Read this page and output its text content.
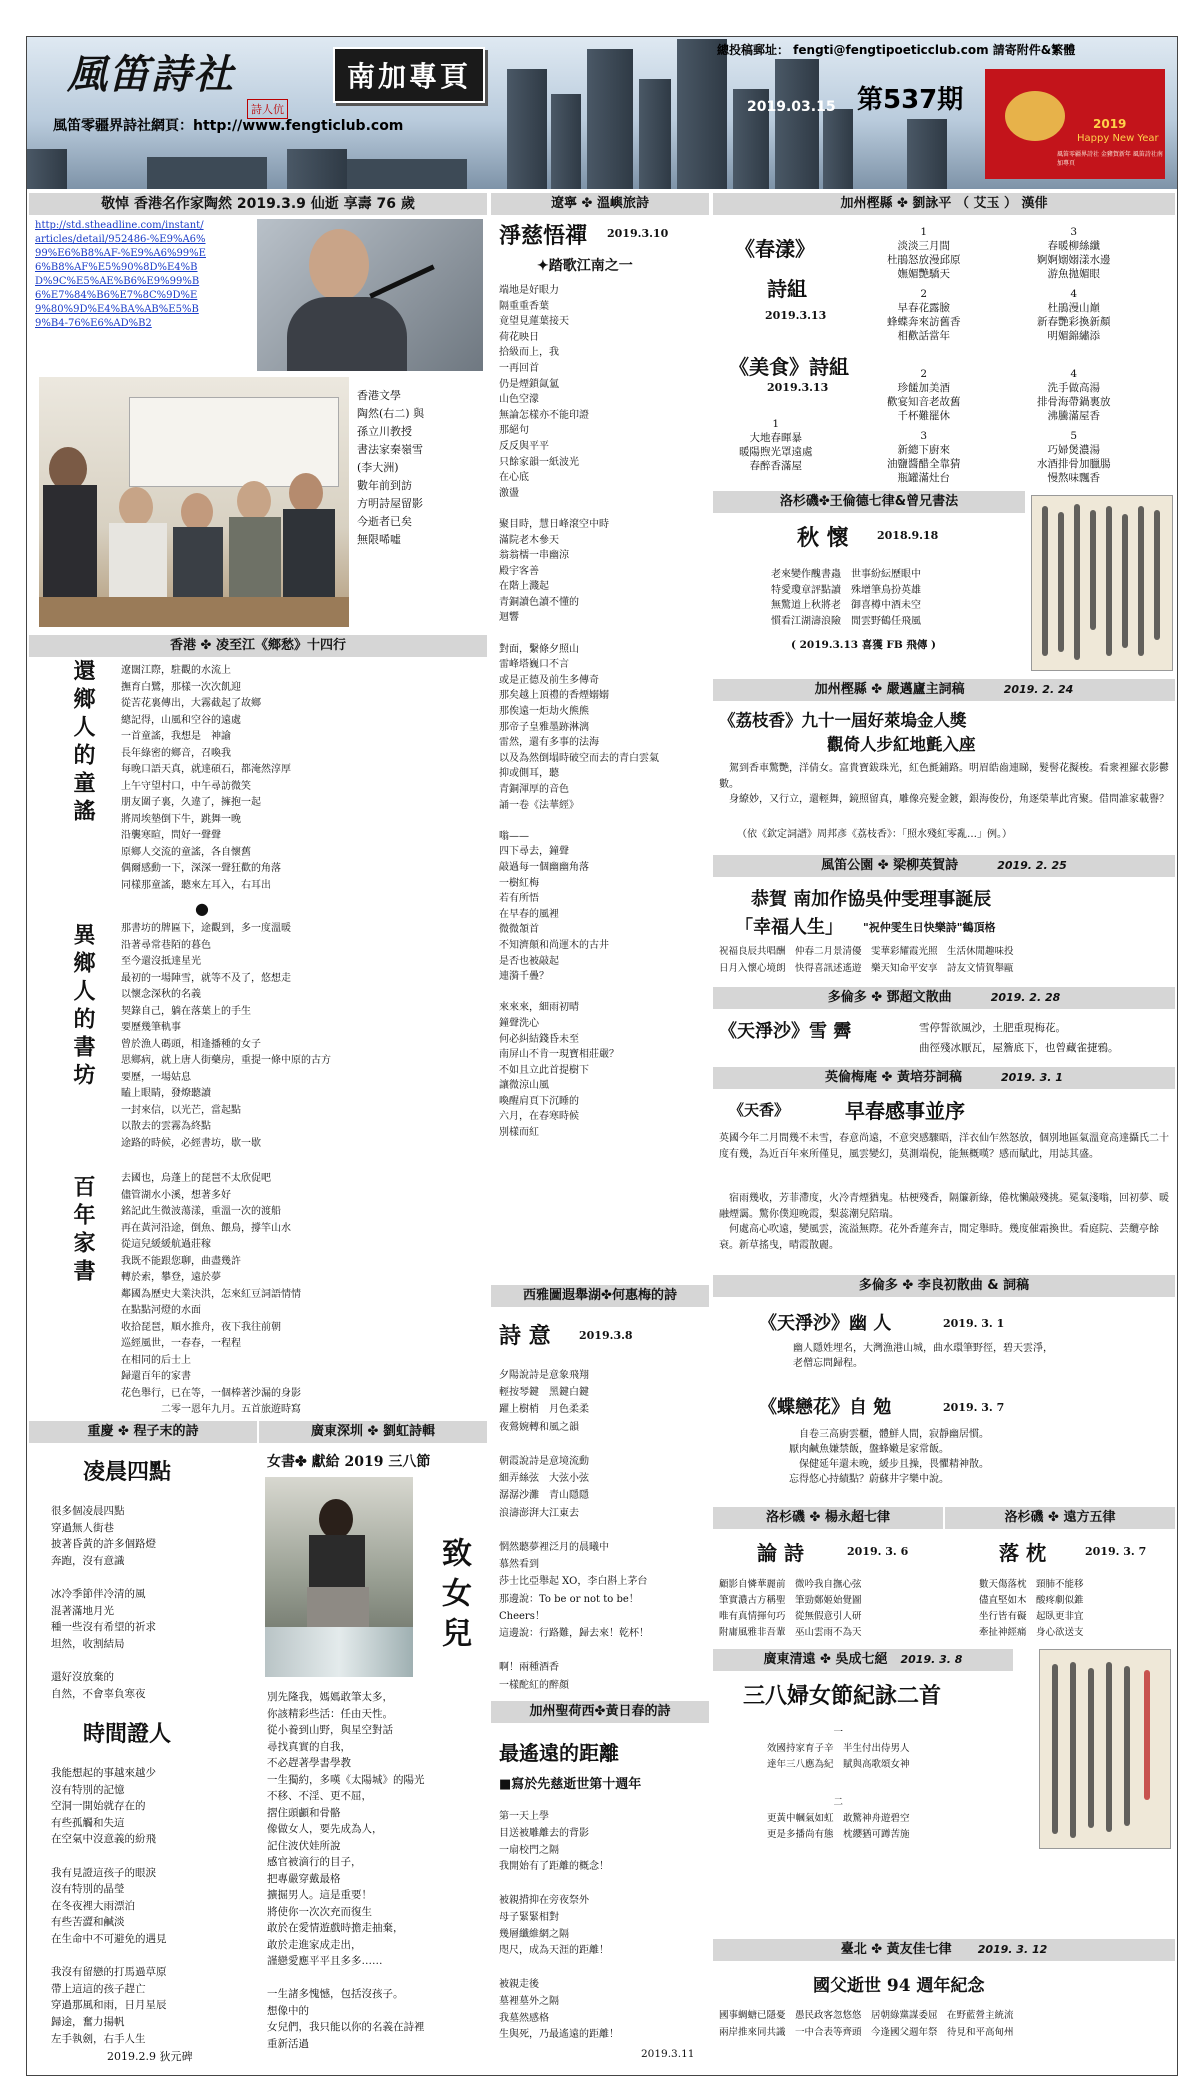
風笛詩社
詩人伉
南加專頁
風笛零疆界詩社網頁：http://www.fengticlub.com
總投稿郵址： fengti@fengtipoeticclub.com 請寄附件&繁體
2019.03.15 第537期
2019
Happy New Year
風笛零疆界詩社 金豬賀新年 風笛詩社南加專頁
敬悼 香港名作家陶然 2019.3.9 仙逝 享壽 76 歲
http://std.stheadline.com/instant/articles/detail/952486-%E9%A6%99%E6%B8%AF-%E9%A6%99%E6%B8%AF%E5%90%8D%E4%BD%9C%E5%AE%B6%E9%99%B6%E7%84%B6%E7%8C%9D%E9%80%9D%E4%BA%AB%E5%B9%B4-76%E6%AD%B2
香港文學
陶然(右二) 與
孫立川教授
書法家秦嶺雪
(李大洲)
數年前到訪
方明詩屋留影
今逝者已矣
無限唏噓
香港 ✤ 凌至江《鄉愁》十四行
還鄉人的童謠	遼闊江際，駐觀的水流上
撫育白鷺，那樣一次次飢迎
從苦花裏傳出，大霧截起了故鄉
總記得，山風和空谷的遠處
一首童謠，我想是　神諭
長年綠密的鄉音，召喚我
每晚口語天真，就達碩石，都淹然淳厚
上午守望村口，中午尋訪微笑
朋友圍子裏，久違了，擁抱一起
將周埃墊倒下牛，跳舞一晚
沿襲寒暄，問好一聲聲
原鄉人交流的童謠，各自懷舊
偶爾感動一下，深深一聲狂歡的角落
同樣那童謠，聽來左耳入，右耳出
●
異鄉人的書坊	那書坊的牌匾下，途觀到，多一度溫暖
沿著尋常巷陌的暮色
至今還沒抵達星光
最初的一場陣雪，就等不及了，悠想走
以懷念深秋的名義
契錄自己，躺在落葉上的手生
要歷幾筆軌事
曾於漁人碼頭，相逢播種的女子
思鄉病，就上唐人街藥房，重提一條中原的古方
要歷，一場姑息
瞌上眼睛，發燎聽讀
一封來信，以光芒，當起點
以散去的雲霧為終點
途路的時候，必經書坊，歇一歇
百年家書	去國也，烏蓬上的琵琶不太欣促吧
儘管湖水小溪，想著多好
銘記此生微波蕩漾，重溫一次的渡船
再在黃河沿途，倒魚、餵鳥，撐竿山水
從這兒緩緩航過莊稼
我既不能跟您聊，曲盡幾許
轉於索，攀登，遠於夢
鄰國為歷史大業決洪，怎來紅豆詞語情情
在點點河燈的水面
收拾琵琶，順水推舟，夜下我往前朝
巡經風世，一春春，一程程
在相同的后士上
歸還百年的家書
花色舉行，已在等，一個棒著沙漏的身影
　　　　二零一恩年九月。五首旅遊時寫
重慶 ✤ 程子末的詩
凌晨四點
很多個凌晨四點
穿過無人街巷
披著昏黃的許多個路燈
奔跑，沒有意識

冰冷季節伴冷清的風
混著滿地月光
種一些沒有希望的祈求
坦然，收割結局

還好沒放棄的
自然，不會辜負寒夜
時間證人
我能想起的事越來越少
沒有特別的記憶
空洞一開始就存在的
有些孤觸和失這
在空氣中沒意義的紛飛

我有見證這孩子的眼淚
沒有特別的晶瑩
在冬夜裡大雨漂泊
有些苦澀和鹹淡
在生命中不可避免的遇見

我沒有留戀的打馬過草原
帶上這這的孩子趕亡
穿過那風和雨，日月星辰
歸途，奮力揚帆
左手執劍，右手人生
2019.2.9 狄元碑
廣東深圳 ✤ 劉虹詩輯
女書✤ 獻給 2019 三八節
致女兒
別先隆我，媽媽敢筆太多，
你該精彩些活：任由天性。
從小養到山野，與星空對話
尋找真實的自我，
不必趕著學書學教
一生獨約，多嘆《太陽城》的陽光
不移、不淫、更不屈，
摺住頭顱和骨骼
像做女人，要先成為人，
記住波伏娃所說
感官被滴行的目子，
把專嚴穿戴最格
擴掘男人。這是重要！
將使你一次次充而復生
敢於在愛情遊戲時擔走抽棄，
敢於走進家成走出，
謹戀愛應平平且多多……

一生諸多愧憾，包括沒孩子。
想像中的
女兒們，我只能以你的名義在詩裡
重新活過
遼寧 ✤ 溫嶼旅詩
淨慈悟禪 2019.3.10
✦踏歌江南之一
端地是好眼力
隔重重香葉
竟望見蓮葉接天
荷花映日
拾級而上，我
一再回首
仍是煙鎖氤氳
山色空濛
無論怎樣亦不能印證
那絕句
反反與平平
只餘家韻一紙波光
在心底
激盪

聚目時，慧日峰滾空中時
滿院老木參天
翁翁檽一串幽涼
殿宇客善
在階上濺起
青銅讀色讀不懂的
迴響

對面，繫條夕照山
雷峰塔巍口不言
或是正德及前生多傳奇
那矣越上頂禮的香煙嫋嫋
那俟遠一炬劫火熊熊
那帝子皇雅墨跡淋漓
雷然，還有多事的法海
以及為然倒塌時破空而去的青白雲氣
抑或側耳，聽
青銅渾厚的音色
誦一卷《法華經》

嗡——
四下尋去，鐘聲
敲過每一個幽幽角落
一樹紅梅
若有所悟
在早春的風裡
微微頷首
不知濟顛和尚運木的古井
是否也被敲起
連漪千疊？

來來來，細雨初晴
鐘聲洗心
何必糾結錢昏未至
南屏山不肯一現寶相莊嚴？
不如且立此首提樹下
讓微涼山風
喚醒肩頁下沉睡的
六月，在春寒時候
別樣而紅
西雅圖遐舉湖✤何惠梅的詩
詩 意	2019.3.8
夕陽說詩是意象飛翔
輕按琴鍵　黑鍵白鍵
躍上樹梢　月色柔柔
夜鶯婉轉和風之韻

朝霞說詩是意境流動
細弄絲弦　大弦小弦
潺潺沙灘　青山隱隱
浪濤澎湃大江東去

惘然聽夢裡泛月的晨曦中
慕然看到
莎士比亞舉起 XO，李白斟上茅台
那邊說：To be or not to be！
Cheers！
這邊說：行路難，歸去來！乾杯！

啊！兩種酒香
一樣酡紅的醉顏
加州聖荷西✤黃日春的詩
最遙遠的距離
■寫於先慈逝世第十週年
第一天上學
目送被雕離去的背影
一扇校門之隔
我開始有了距離的概念！

被親揹抑在旁夜祭外
母子緊緊相對
幾層纖維網之隔
咫尺，成為天涯的距離！

被親走後
墓裡墓外之隔
我墓然感格
生與死，乃最遙遠的距離！
2019.3.11
加州樫縣 ✤ 劉詠平 （ 艾玉 ） 漢俳
《春漾》
詩組
2019.3.13
1
淡淡三月間
杜鵑怒放漫邱原
嫵媚艷驕天
3
春暖柳絲纖
婀婀嫋嫋漾水邊
游魚拋媚眼
2
早春花露臉
蜂蝶奔來訪舊香
相歡話當年
4
杜鵑漫山巔
新春艷彩換新顏
明媚錦繡添
《美食》詩組
2019.3.13
2
珍饈加美酒
歡宴知音老故舊
千杯難罷休
4
洗手做高湯
排骨海帶鍋裏放
沸騰滿屋香
1
大地春暉暴
暖陽煦光罩遠處
春醉香滿屋
3
新總下廚來
油鹽醬醋全靠猜
瓶罐滿灶台
5
巧婦煲濃湯
水酒排骨加臘腸
慢熬味飄香
洛杉磯✤王倫德七律&曾兄書法
秋 懷	2018.9.18
老來變作醜書蟲　世事紛紜歷眼中
特愛瓊章評點讀　殊增筆鳥扮英雄
無驚道上秋將老　御喜樽中酒未空
慣看江湖濤浪險　閒雲野鶴任飛風
( 2019.3.13 喜獲 FB 飛傳 )
加州樫縣 ✤ 嚴邁廬主詞稿　　　	2019. 2. 24
《荔枝香》九十一屆好萊塢金人獎
觀倚人步紅地氈入座
　駕到香車驚艷，洋倩女。富貴寶鈸珠光，紅色氈鋪路。明眉皓齒連睇，髮髻花擬梭。看衆裡羅衣影鬱數。
　身繚妙，又行立，還輕舞，鏡照留真，雕像亮髮金鍍，銀海俊份，角逐榮華此宵聚。借問誰家載譽？
（依《欽定詞譜》周邦彥《荔枝香》：「照水殘紅零亂…」例。）
風笛公園 ✤ 梁柳英賀詩　　　	2019. 2. 25
恭賀 南加作協吳仲雯理事誕辰
「幸福人生」 "祝仲雯生日快樂詩"鶴頂格
祝福良辰共唱酬　仲春二月景清優　雯華彩耀霞光照　生活休閒趣味投
日月入懷心境朗　快得喜訊述遙遊　樂天知命平安享　詩友文情賀舉甌
多倫多 ✤ 鄧超文散曲　　　	2019. 2. 28
《天淨沙》雪 霽	雪停誓欲風沙，土肥重現梅花。
曲徑殘冰厭瓦，屋簷底下，也曾藏雀捷鴉。
英倫梅庵 ✤ 黃培芬詞稿　　　	2019. 3. 1
《天香》	早春感事並序
英國今年二月間幾不未雪，春意尚遠，不意突感驟晤，洋衣仙乍然怒放，個別地區氣溫竟高達攝氏二十度有幾，為近百年來所僅見，風雲變幻，莫測端倪，能無概嘆？感而賦此，用誌其盛。
　宿雨幾收，芳菲滯度，火冷青煙猶鬼。枯梗殘香，隔簾新綠，倦枕懶敲殘挑。冕氣淺嗡，回初夢、暖融煙靄。驚你僕迎晚霞，梨蕊潮兒陪瑞。
　何處高心吹遠，變風雲，流溢無際。花外香蓮奔吉，閒定舉時。幾度催霜換世。看庭院、芸纜亭餘衰。新草搖曳，晴霞散麗。
多倫多 ✤ 李良初散曲 & 詞稿
《天淨沙》幽 人	2019. 3. 1
幽人隱姓埋名，大灣漁港山城，曲水環筆野徑，碧天雲淨，
老僧忘問歸程。
《蝶戀花》自 勉	2019. 3. 7
　　自卷三高廚雲櫃，體鮮人間，寂靜幽居慣。
　厭肉鹹魚嫌禁飯，盤蜂嫩是家常飯。
　　保健延年還未晚，緩步且操，畏懼精神散。
　忘得悠心持績點？蔚蘇井字樂中說。
洛杉磯 ✤ 楊永超七律
論 詩	2019. 3. 6
顧影自憐華麗前　微吟我自撫心弦
筆實濃古方稱聖　筆勁鄭姬始覺圖
唯有真情揮句巧　從無假意引人研
附庸風雅非吾輩　巫山雲雨不為天
洛杉磯 ✤ 遠方五律
落 枕	2019. 3. 7
數天傷落枕　頸肺不能移
儘直堅如木　酸疼劇似錐
坐行皆有礙　起臥更非宜
牽扯神經痛　身心欲送支
廣東清遠 ✤ 吳成七絕　 2019. 3. 8
三八婦女節紀詠二首
一
效國持家育子辛　半生付出侍男人
達年三八應為紀　賦與高歌頌女神
二
更黃中幗氣如虹　敢驚神舟遊碧空
更是多播尚有態　枕纓猶可蹲苦施
臺北 ✤ 黃友佳七律　　 2019. 3. 12
國父逝世 94 週年紀念
國事蜩螗已隱憂　愚民政客忽悠悠　居朝綠黨謀委屈　在野藍營主統流
兩岸推來同共識　一中合表等齊頭　今逢國父週年祭　待見和平高甸州
